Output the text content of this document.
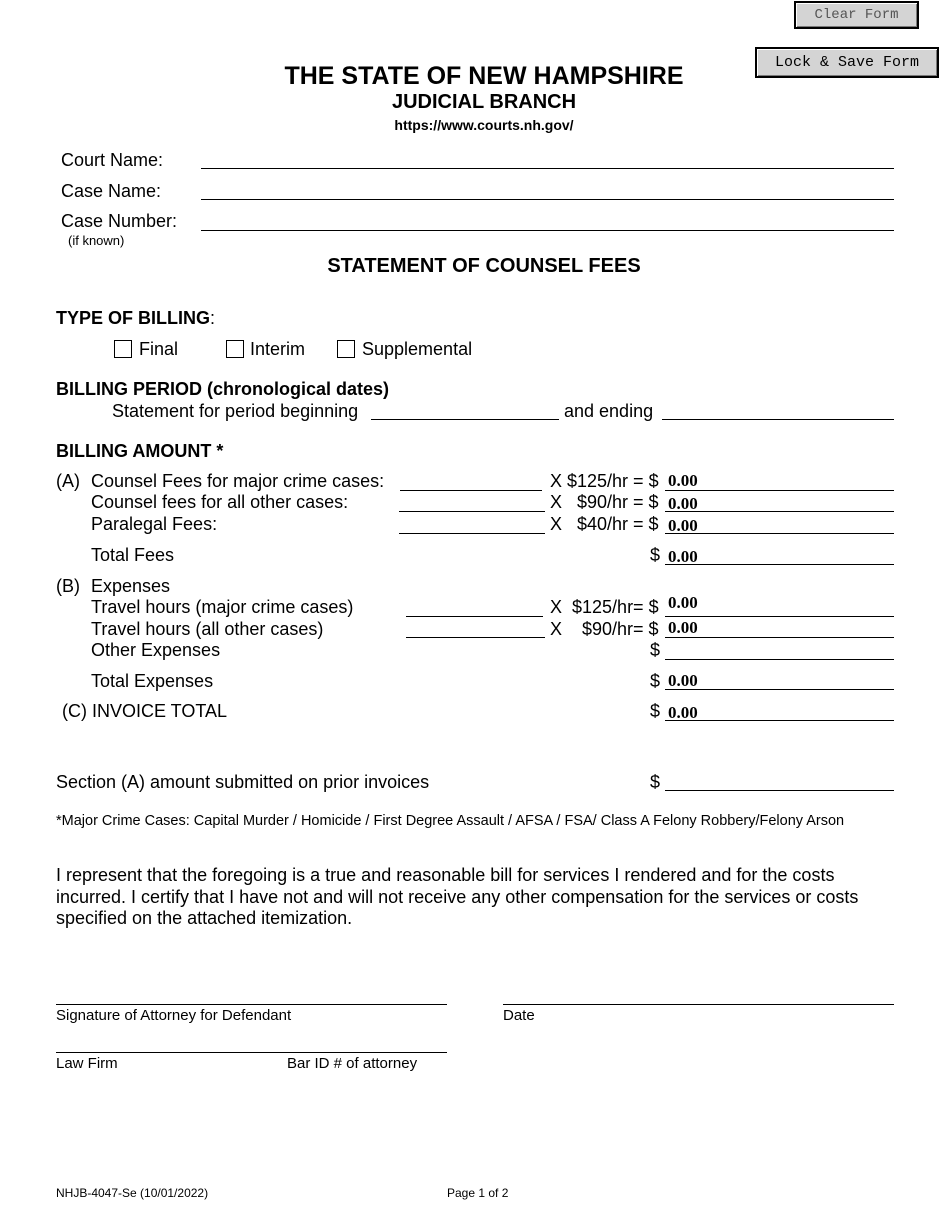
Clear Form
Lock & Save Form
THE STATE OF NEW HAMPSHIRE
JUDICIAL BRANCH
https://www.courts.nh.gov/
Court Name:
Case Name:
Case Number:
(if known)
STATEMENT OF COUNSEL FEES
TYPE OF BILLING:
Final	Interim	Supplemental
BILLING PERIOD (chronological dates)
Statement for period beginning	and ending
BILLING AMOUNT *
(A) Counsel Fees for major crime cases:	X $125/hr = $ 0.00
Counsel fees for all other cases:	X   $90/hr = $ 0.00
Paralegal Fees:	X   $40/hr = $ 0.00
Total Fees	$ 0.00
(B) Expenses
Travel hours (major crime cases)	X  $125/hr= $ 0.00
Travel hours (all other cases)	X    $90/hr= $ 0.00
Other Expenses	$
Total Expenses	$ 0.00
(C) INVOICE TOTAL	$ 0.00
Section (A) amount submitted on prior invoices	$
*Major Crime Cases: Capital Murder / Homicide / First Degree Assault / AFSA / FSA/ Class A Felony Robbery/Felony Arson
I represent that the foregoing is a true and reasonable bill for services I rendered and for the costs incurred. I certify that I have not and will not receive any other compensation for the services or costs specified on the attached itemization.
Signature of Attorney for Defendant	Date
Law Firm	Bar ID # of attorney
NHJB-4047-Se (10/01/2022)	Page 1 of 2
